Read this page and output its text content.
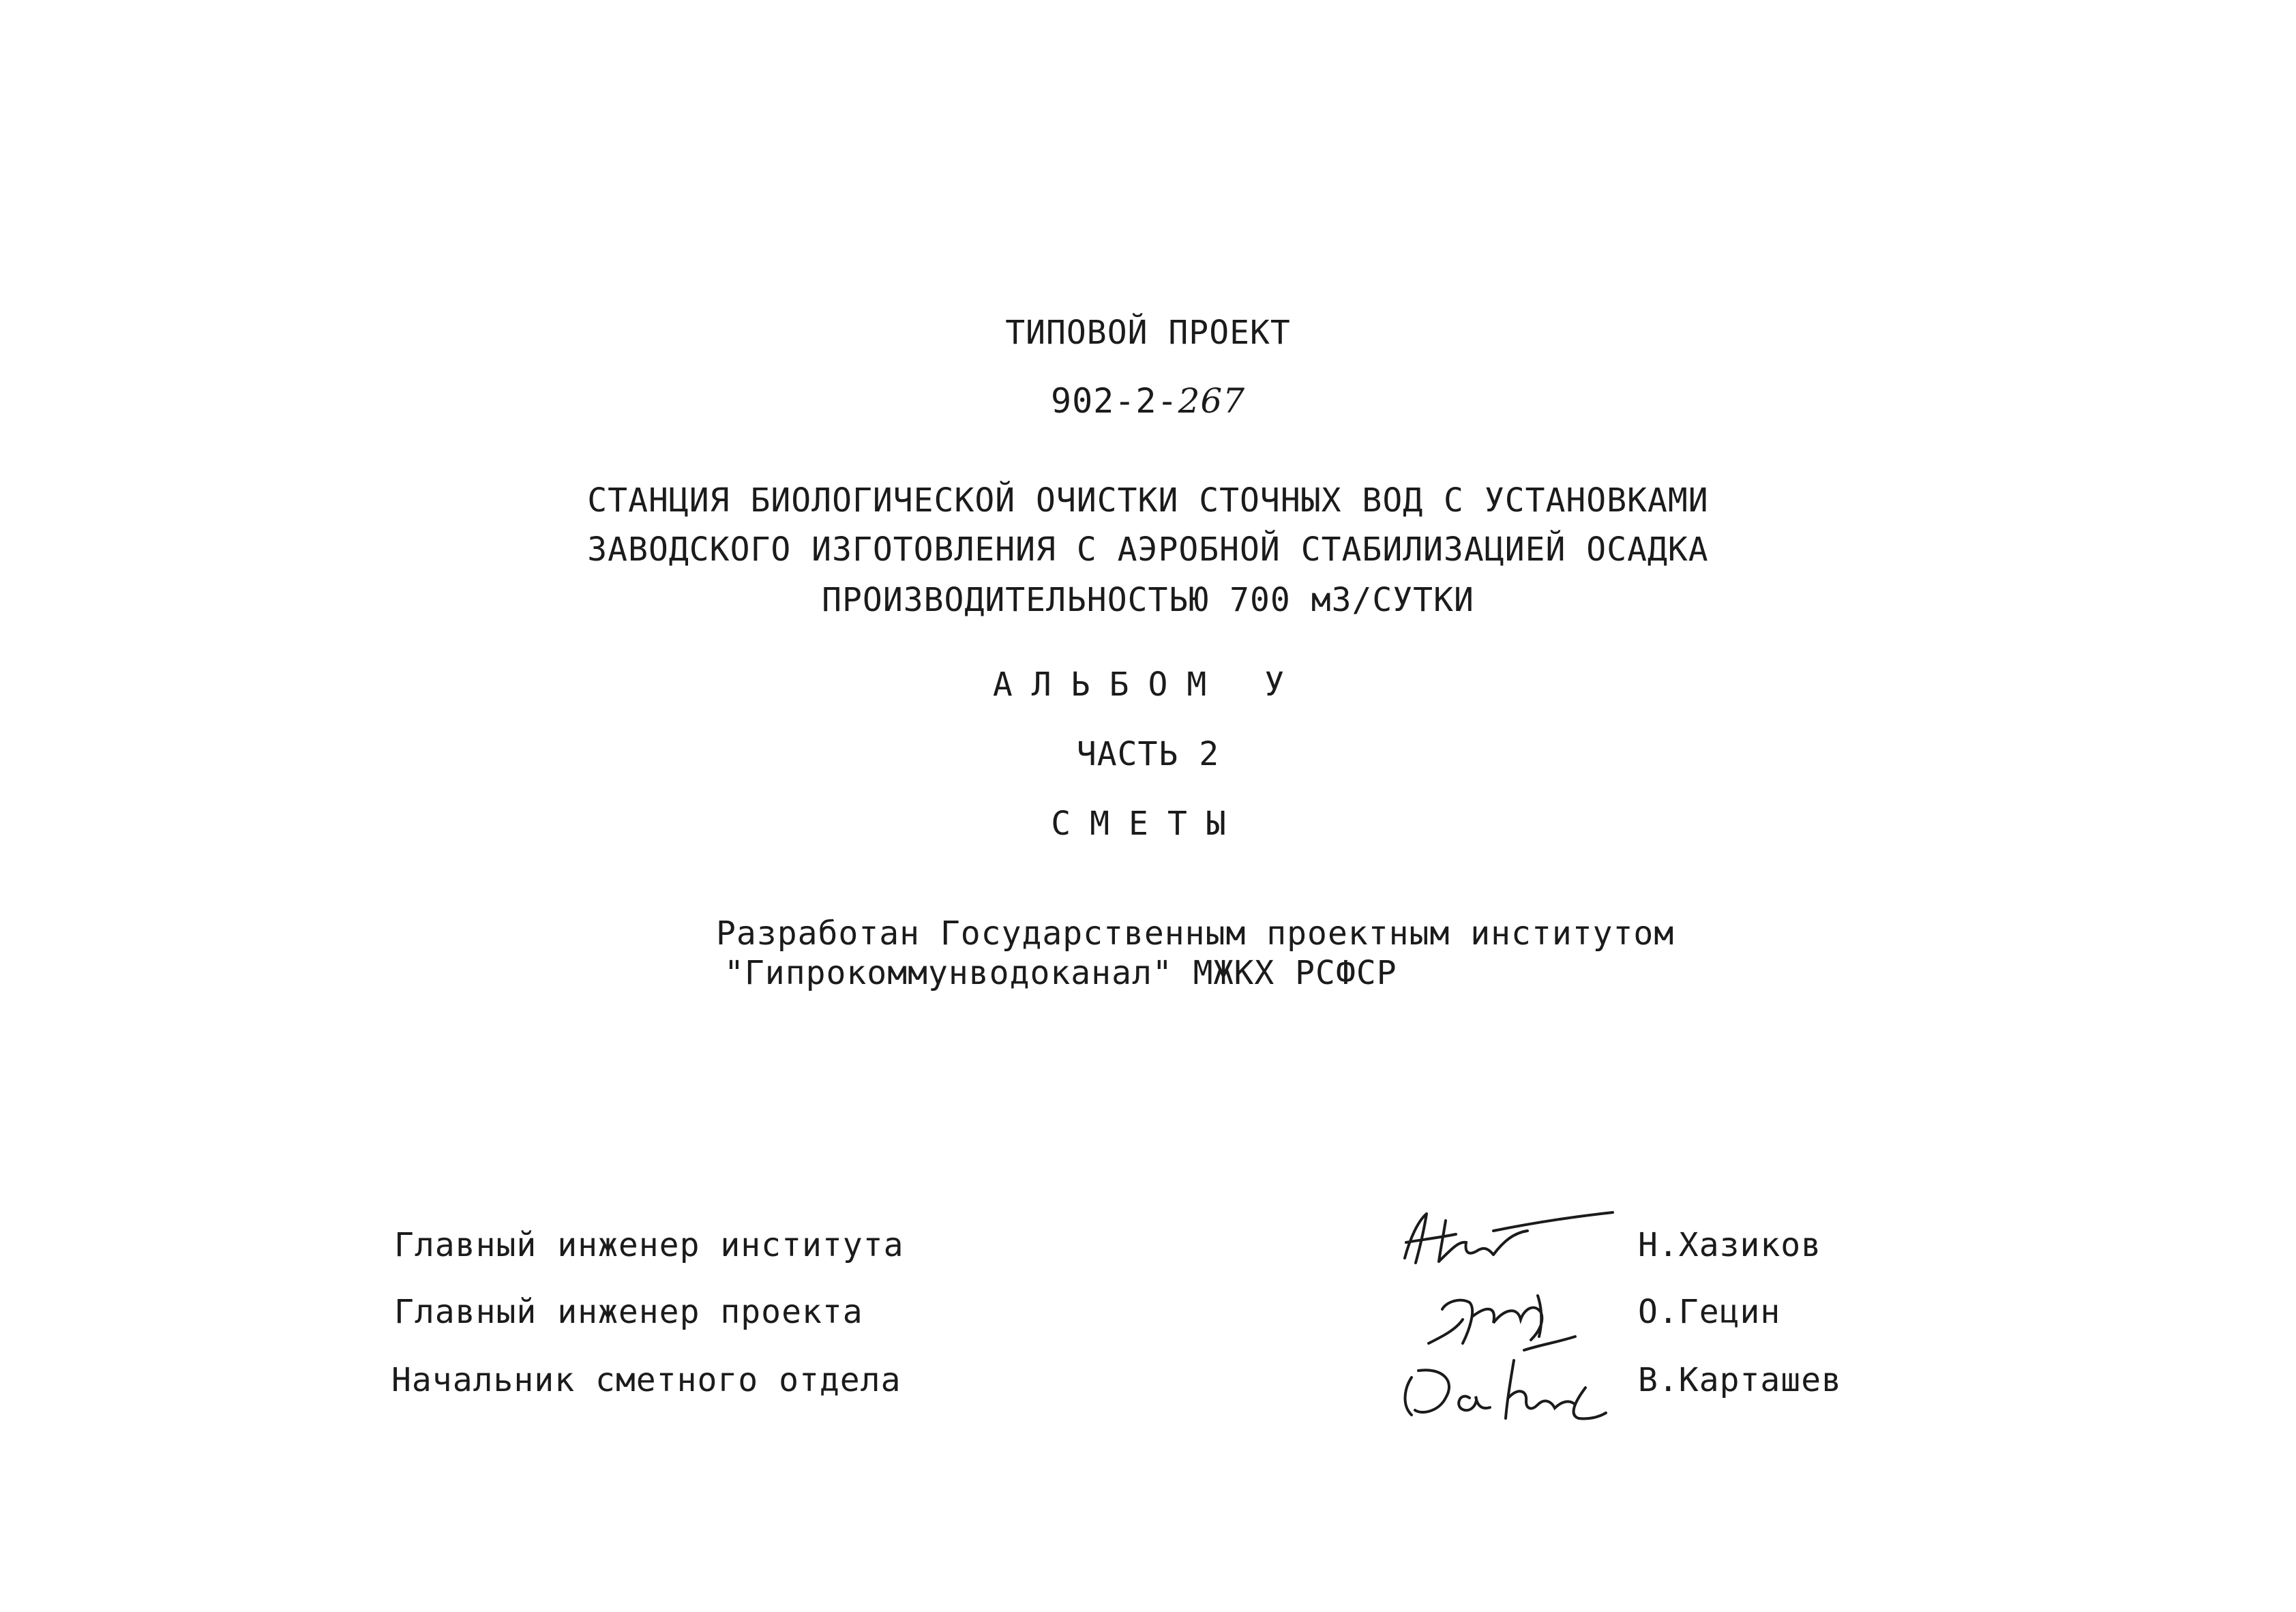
ТИПОВОЙ ПРОЕКТ
902-2-267
СТАНЦИЯ БИОЛОГИЧЕСКОЙ ОЧИСТКИ СТОЧНЫХ ВОД С УСТАНОВКАМИ
ЗАВОДСКОГО ИЗГОТОВЛЕНИЯ С АЭРОБНОЙ СТАБИЛИЗАЦИЕЙ ОСАДКА
ПРОИЗВОДИТЕЛЬНОСТЬЮ 700 м3/СУТКИ
АЛЬБОМ У
ЧАСТЬ 2
СМЕТЫ
Разработан Государственным проектным институтом
"Гипрокоммунводоканал" МЖКХ РСФСР
Главный инженер института
Главный инженер проекта
Начальник сметного отдела
Н.Хазиков
О.Гецин
В.Карташев
